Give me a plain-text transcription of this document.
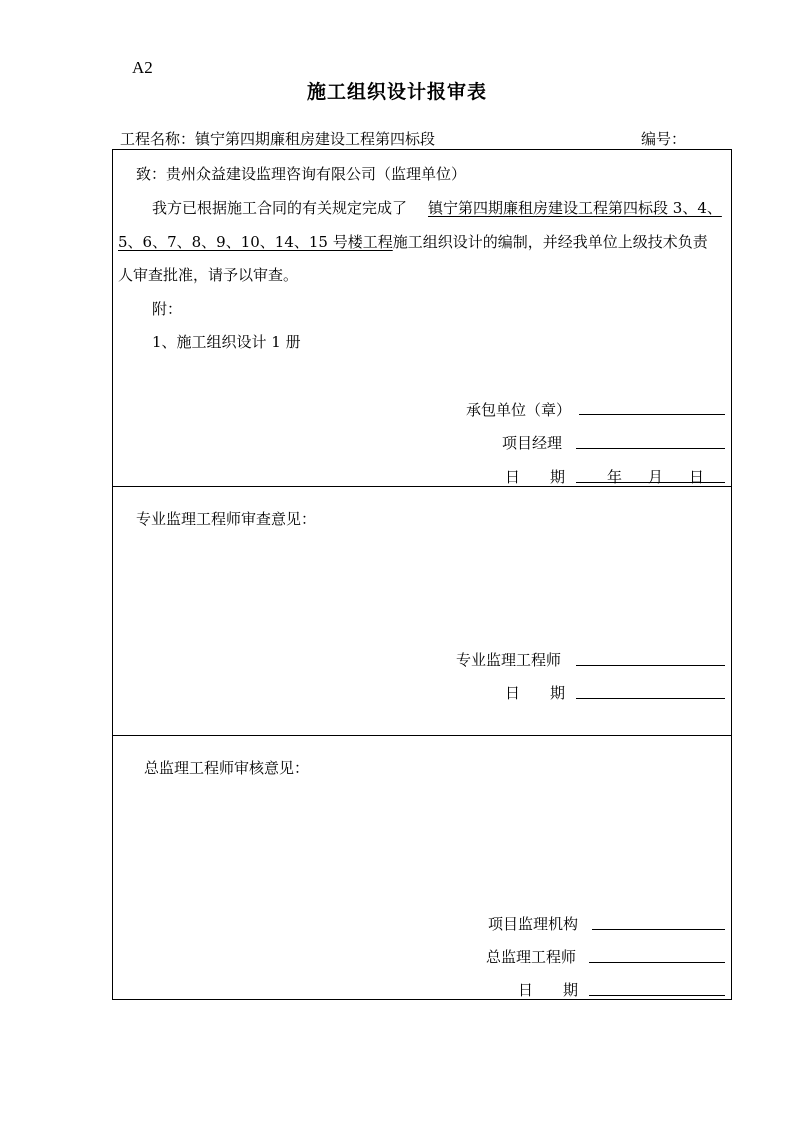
A2
施工组织设计报审表
工程名称：镇宁第四期廉租房建设工程第四标段	编号：
致：贵州众益建设监理咨询有限公司（监理单位）
我方已根据施工合同的有关规定完成了 镇宁第四期廉租房建设工程第四标段 3、4、
5、6、7、8、9、10、14、15 号楼工程施工组织设计的编制，并经我单位上级技术负责
人审查批准，请予以审查。
附：
1、施工组织设计 1 册
承包单位（章）
项目经理
日　　期	年 月 日
专业监理工程师审查意见：
专业监理工程师
日　　期
总监理工程师审核意见：
项目监理机构
总监理工程师
日　　期
